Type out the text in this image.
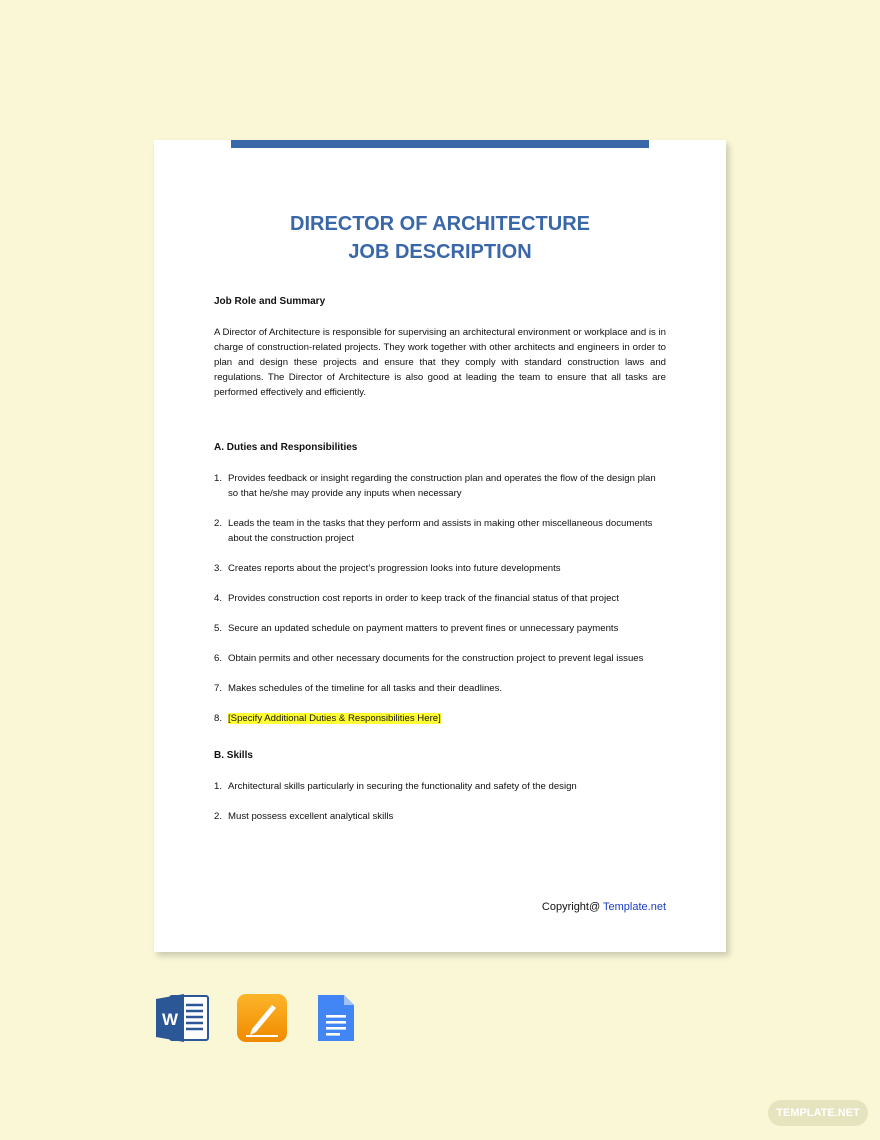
DIRECTOR OF ARCHITECTURE
JOB DESCRIPTION
Job Role and Summary
A Director of Architecture is responsible for supervising an architectural environment or workplace and is in charge of construction-related projects. They work together with other architects and engineers in order to plan and design these projects and ensure that they comply with standard construction laws and regulations. The Director of Architecture is also good at leading the team to ensure that all tasks are performed effectively and efficiently.
A. Duties and Responsibilities
1. Provides feedback or insight regarding the construction plan and operates the flow of the design plan so that he/she may provide any inputs when necessary
2. Leads the team in the tasks that they perform and assists in making other miscellaneous documents about the construction project
3. Creates reports about the project’s progression looks into future developments
4. Provides construction cost reports in order to keep track of the financial status of that project
5. Secure an updated schedule on payment matters to prevent fines or unnecessary payments
6. Obtain permits and other necessary documents for the construction project to prevent legal issues
7. Makes schedules of the timeline for all tasks and their deadlines.
8. [Specify Additional Duties & Responsibilities Here]
B. Skills
1. Architectural skills particularly in securing the functionality and safety of the design
2. Must possess excellent analytical skills
Copyright@ Template.net
W
TEMPLATE.NET
